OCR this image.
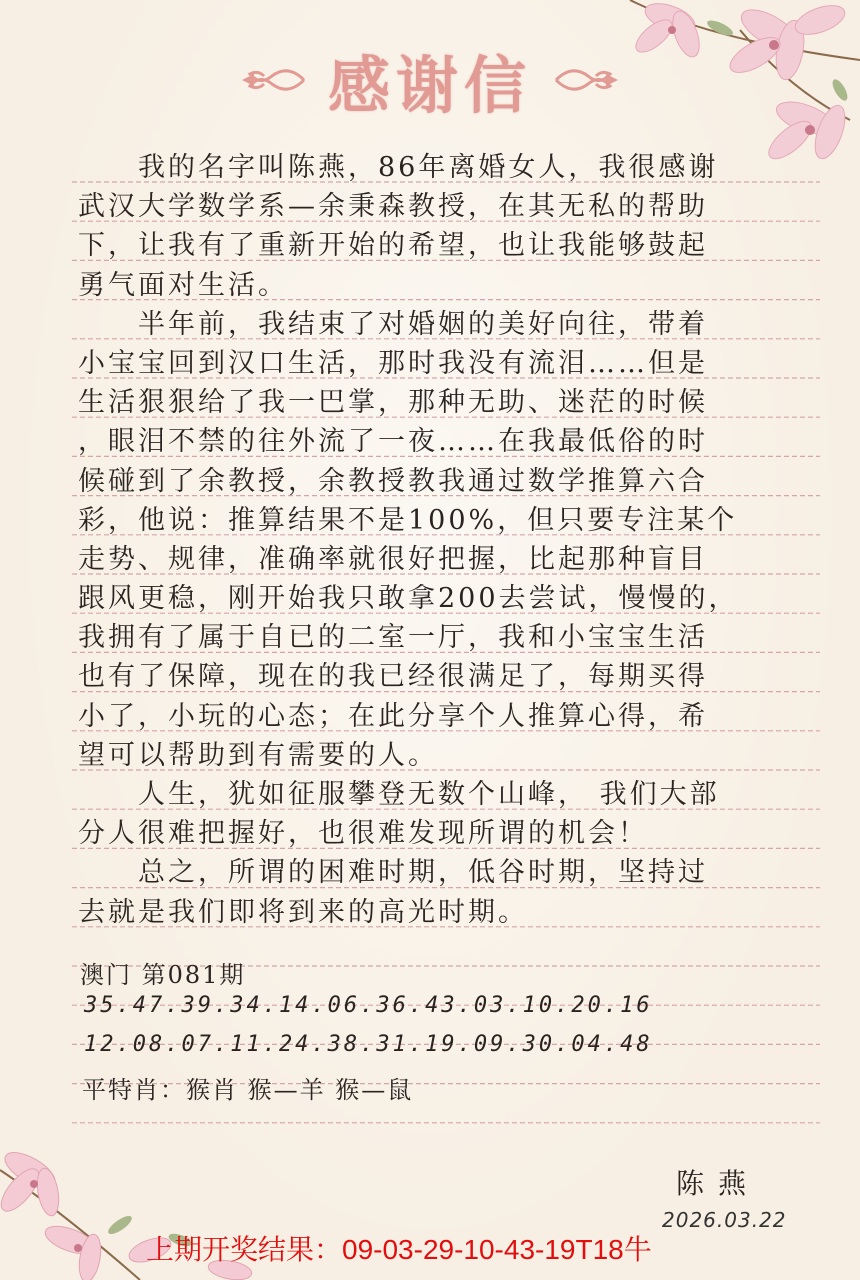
感谢信
　　我的名字叫陈燕，86年离婚女人，我很感谢
武汉大学数学系—余秉森教授，在其无私的帮助
下，让我有了重新开始的希望，也让我能够鼓起
勇气面对生活。
　　半年前，我结束了对婚姻的美好向往，带着
小宝宝回到汉口生活，那时我没有流泪……但是
生活狠狠给了我一巴掌，那种无助、迷茫的时候
，眼泪不禁的往外流了一夜……在我最低俗的时
候碰到了余教授，余教授教我通过数学推算六合
彩，他说：推算结果不是100%，但只要专注某个
走势、规律，准确率就很好把握，比起那种盲目
跟风更稳，刚开始我只敢拿200去尝试，慢慢的，
我拥有了属于自已的二室一厅，我和小宝宝生活
也有了保障，现在的我已经很满足了，每期买得
小了，小玩的心态；在此分享个人推算心得，希
望可以帮助到有需要的人。
　　人生，犹如征服攀登无数个山峰， 我们大部
分人很难把握好，也很难发现所谓的机会！
　　总之，所谓的困难时期，低谷时期，坚持过
去就是我们即将到来的高光时期。
澳门 第081期
35.47.39.34.14.06.36.43.03.10.20.16
12.08.07.11.24.38.31.19.09.30.04.48
平特肖：猴肖 猴—羊 猴—鼠
陈燕
2026.03.22
上期开奖结果：09-03-29-10-43-19T18牛
